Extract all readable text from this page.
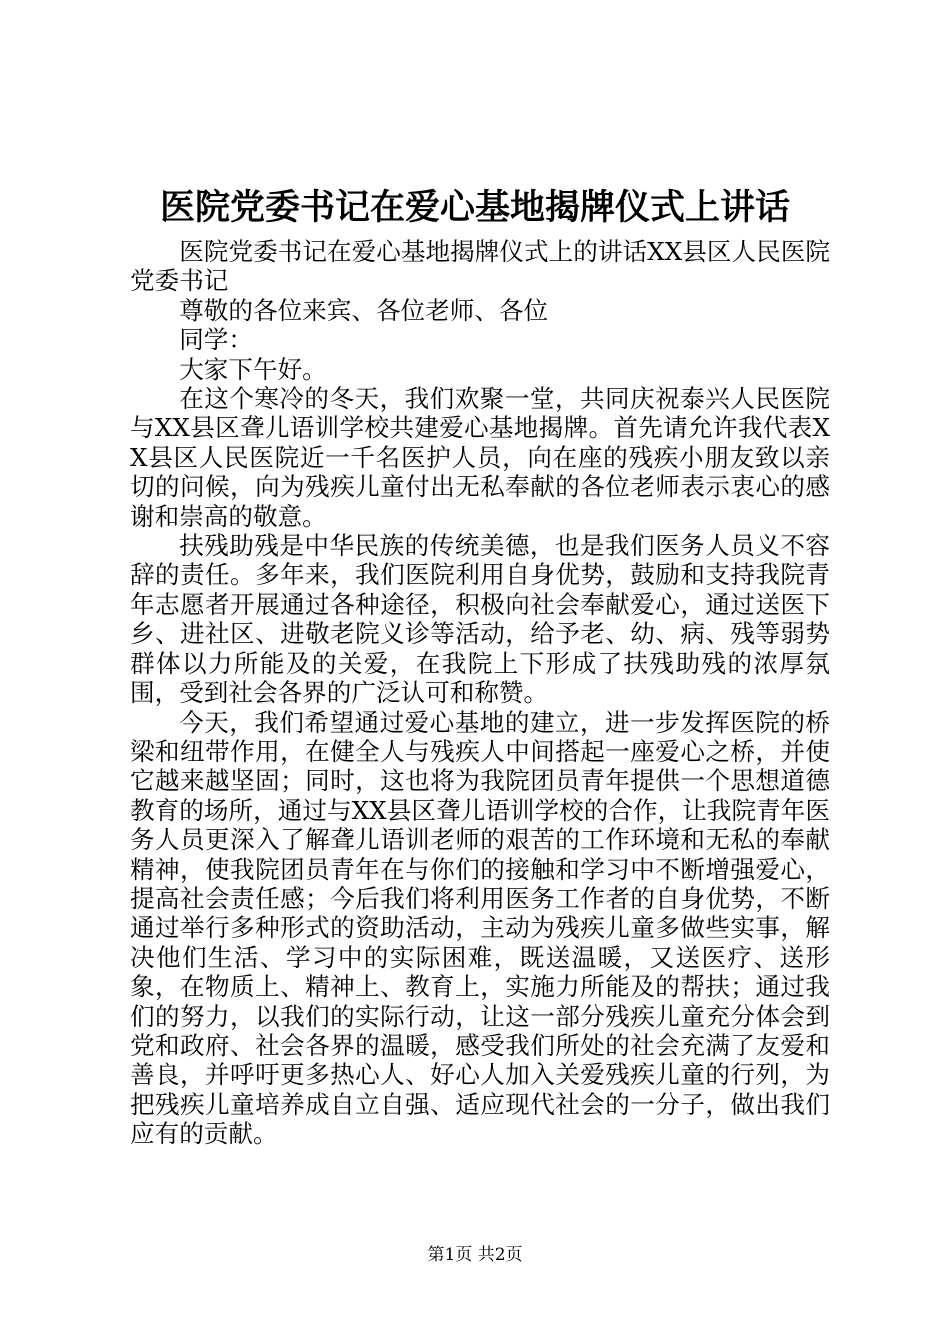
医院党委书记在爱心基地揭牌仪式上讲话

医院党委书记在爱心基地揭牌仪式上的讲话XX县区人民医院党委书记

尊敬的各位来宾、各位老师、各位

同学：

大家下午好。

在这个寒冷的冬天，我们欢聚一堂，共同庆祝泰兴人民医院与XX县区聋儿语训学校共建爱心基地揭牌。首先请允许我代表XX县区人民医院近一千名医护人员，向在座的残疾小朋友致以亲切的问候，向为残疾儿童付出无私奉献的各位老师表示衷心的感谢和崇高的敬意。

扶残助残是中华民族的传统美德，也是我们医务人员义不容辞的责任。多年来，我们医院利用自身优势，鼓励和支持我院青年志愿者开展通过各种途径，积极向社会奉献爱心，通过送医下乡、进社区、进敬老院义诊等活动，给予老、幼、病、残等弱势群体以力所能及的关爱，在我院上下形成了扶残助残的浓厚氛围，受到社会各界的广泛认可和称赞。

今天，我们希望通过爱心基地的建立，进一步发挥医院的桥梁和纽带作用，在健全人与残疾人中间搭起一座爱心之桥，并使它越来越坚固；同时，这也将为我院团员青年提供一个思想道德教育的场所，通过与XX县区聋儿语训学校的合作，让我院青年医务人员更深入了解聋儿语训老师的艰苦的工作环境和无私的奉献精神，使我院团员青年在与你们的接触和学习中不断增强爱心，提高社会责任感；今后我们将利用医务工作者的自身优势，不断通过举行多种形式的资助活动，主动为残疾儿童多做些实事，解决他们生活、学习中的实际困难，既送温暖，又送医疗、送形象，在物质上、精神上、教育上，实施力所能及的帮扶；通过我们的努力，以我们的实际行动，让这一部分残疾儿童充分体会到党和政府、社会各界的温暖，感受我们所处的社会充满了友爱和善良，并呼吁更多热心人、好心人加入关爱残疾儿童的行列，为把残疾儿童培养成自立自强、适应现代社会的一分子，做出我们应有的贡献。

第1页 共2页
